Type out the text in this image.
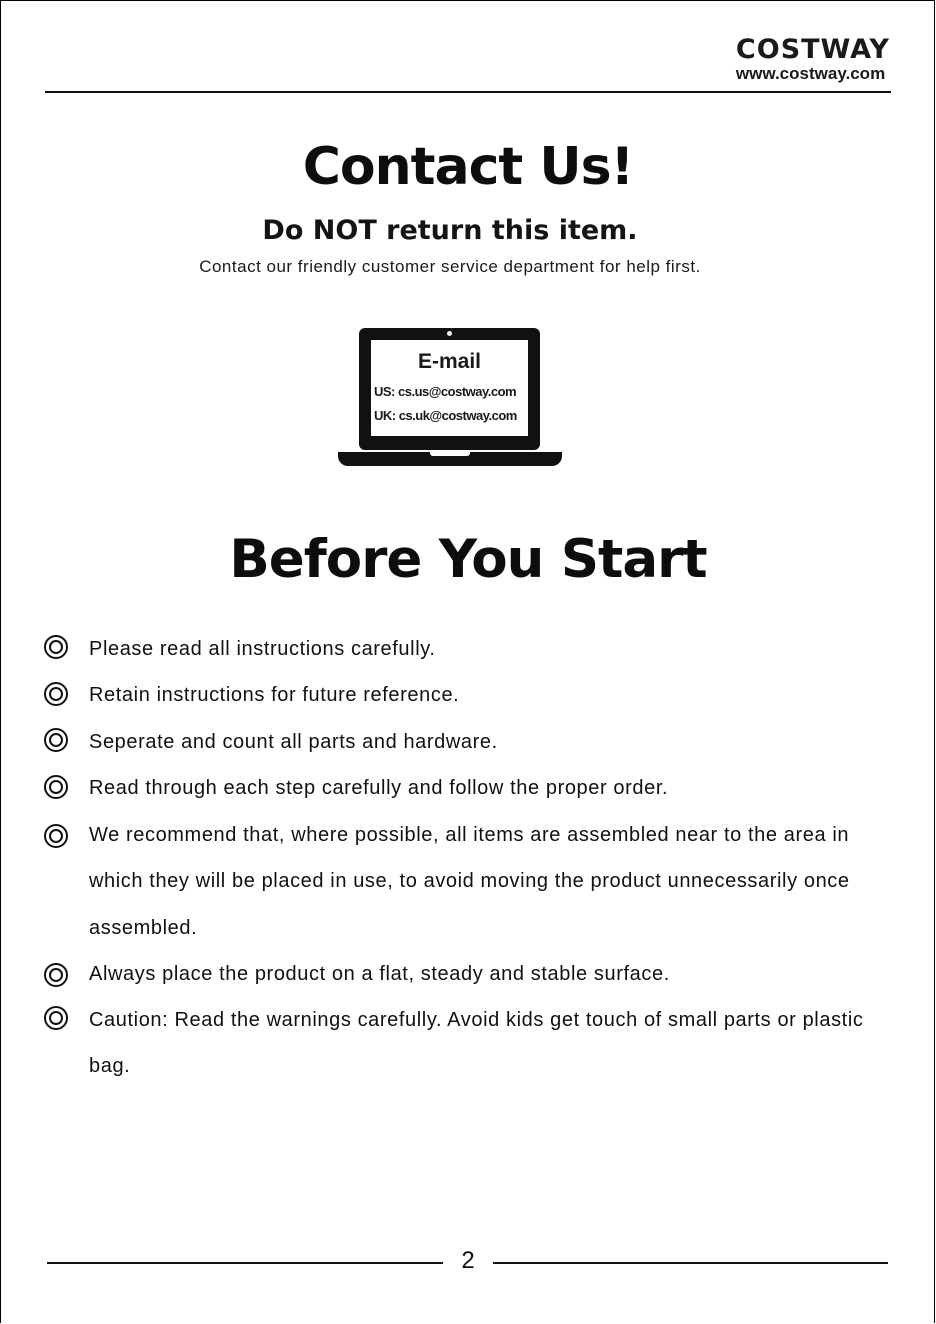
COSTWAY
www.costway.com
Contact Us!
Do NOT return this item.
Contact our friendly customer service department for help first.
E-mail
US: cs.us@costway.com
UK: cs.uk@costway.com
Before You Start
Please read all instructions carefully.
Retain instructions for future reference.
Seperate and count all parts and hardware.
Read through each step carefully and follow the proper order.
We recommend that, where possible, all items are assembled near to the area in which they will be placed in use, to avoid moving the product unnecessarily once assembled.
Always place the product on a flat, steady and stable surface.
Caution: Read the warnings carefully. Avoid kids get touch of small parts or plastic bag.
2
